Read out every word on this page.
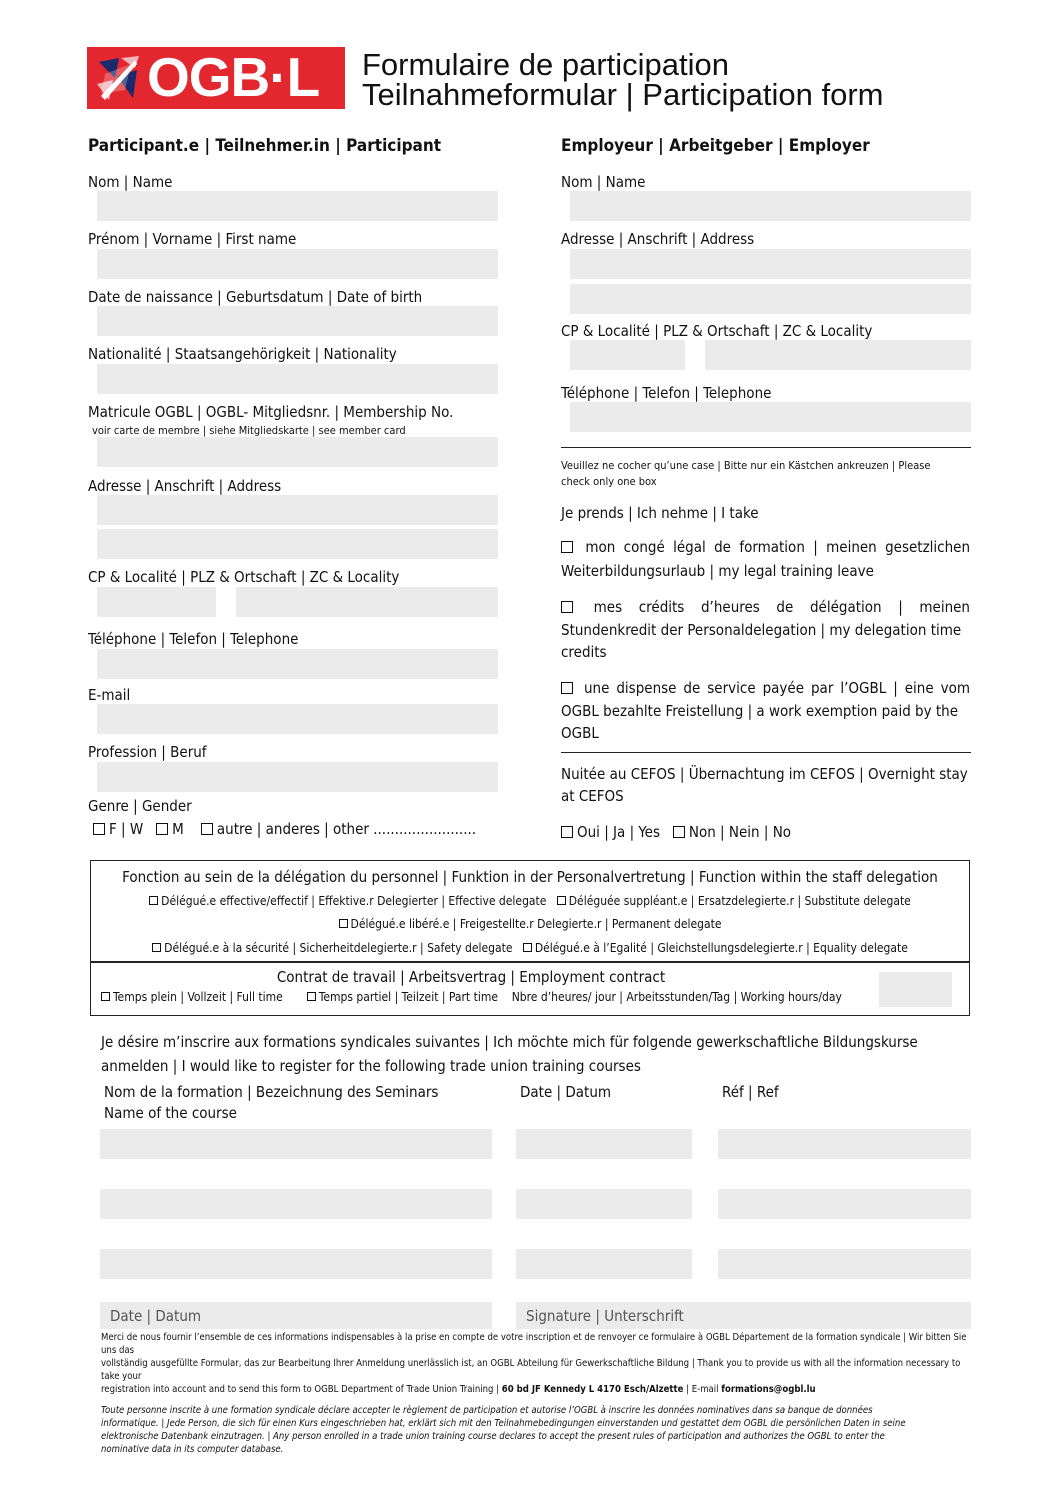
OGB·L Formulaire de participation
Teilnahmeformular | Participation form
Participant.e | Teilnehmer.in | Participant
Nom | Name
Prénom | Vorname | First name
Date de naissance | Geburtsdatum | Date of birth
Nationalité | Staatsangehörigkeit | Nationality
Matricule OGBL | OGBL- Mitgliedsnr. | Membership No.
voir carte de membre | siehe Mitgliedskarte | see member card
Adresse | Anschrift | Address
CP & Localité | PLZ & Ortschaft | ZC & Locality
Téléphone | Telefon | Telephone
E-mail
Profession | Beruf
Genre | Gender
F | W M autre | anderes | other ........................
Employeur | Arbeitgeber | Employer
Nom | Name
Adresse | Anschrift | Address
CP & Localité | PLZ & Ortschaft | ZC & Locality
Téléphone | Telefon | Telephone
Veuillez ne cocher qu’une case | Bitte nur ein Kästchen ankreuzen | Please
check only one box
Je prends | Ich nehme | I take
mon congé légal de formation | meinen gesetzlichen
Weiterbildungsurlaub | my legal training leave
mes crédits d’heures de délégation | meinen
Stundenkredit der Personaldelegation | my delegation time
credits
une dispense de service payée par l’OGBL | eine vom
OGBL bezahlte Freistellung | a work exemption paid by the
OGBL
Nuitée au CEFOS | Übernachtung im CEFOS | Overnight stay
at CEFOS
Oui | Ja | Yes Non | Nein | No
Fonction au sein de la délégation du personnel | Funktion in der Personalvertretung | Function within the staff delegation
Délégué.e effective/effectif | Effektive.r Delegierter | Effective delegate Déléguée suppléant.e | Ersatzdelegierte.r | Substitute delegate
Délégué.e libéré.e | Freigestellte.r Delegierte.r | Permanent delegate
Délégué.e à la sécurité | Sicherheitdelegierte.r | Safety delegate Délégué.e à l’Egalité | Gleichstellungsdelegierte.r | Equality delegate
Contrat de travail | Arbeitsvertrag | Employment contract
Temps plein | Vollzeit | Full time	Temps partiel | Teilzeit | Part time Nbre d’heures/ jour | Arbeitsstunden/Tag | Working hours/day
Je désire m’inscrire aux formations syndicales suivantes | Ich möchte mich für folgende gewerkschaftliche Bildungskurse
anmelden | I would like to register for the following trade union training courses
Nom de la formation | Bezeichnung des Seminars
Name of the course
Date | Datum	Réf | Ref
Date | Datum	Signature | Unterschrift
Merci de nous fournir l’ensemble de ces informations indispensables à la prise en compte de votre inscription et de renvoyer ce formulaire à OGBL Département de la formation syndicale | Wir bitten Sie uns das
vollständig ausgefüllte Formular, das zur Bearbeitung Ihrer Anmeldung unerlässlich ist, an OGBL Abteilung für Gewerkschaftliche Bildung | Thank you to provide us with all the information necessary to take your
registration into account and to send this form to OGBL Department of Trade Union Training | 60 bd JF Kennedy L 4170 Esch/Alzette | E-mail formations@ogbl.lu
Toute personne inscrite à une formation syndicale déclare accepter le règlement de participation et autorise l’OGBL à inscrire les données nominatives dans sa banque de données
informatique. | Jede Person, die sich für einen Kurs eingeschrieben hat, erklärt sich mit den Teilnahmebedingungen einverstanden und gestattet dem OGBL die persönlichen Daten in seine
elektronische Datenbank einzutragen. | Any person enrolled in a trade union training course declares to accept the present rules of participation and authorizes the OGBL to enter the
nominative data in its computer database.
